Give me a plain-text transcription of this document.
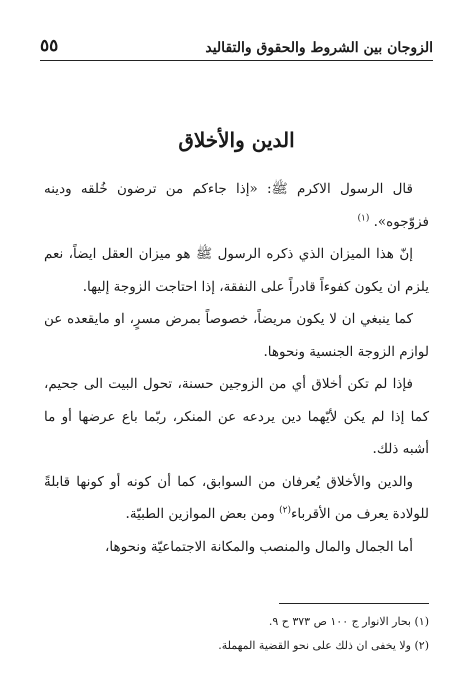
الزوجان بين الشروط والحقوق والتقاليد
٥٥
الدين والأخلاق

قال الرسول الاكرم ﷺ: «إذا جاءكم من ترضون خُلقه ودينه فزوّجوه». $^{(١)}$

إنّ هذا الميزان الذي ذكره الرسول ﷺ هو ميزان العقل ايضاً، نعم يلزم ان يكون كفوءاً قادراً على النفقة، إذا احتاجت الزوجة إليها.

كما ينبغي ان لا يكون مريضاً، خصوصاً بمرض مسرٍ، او مايقعده عن لوازم الزوجة الجنسية ونحوها.

فإذا لم تكن أخلاق أي من الزوجين حسنة، تحول البيت الى جحيم، كما إذا لم يكن لأيّهما دين يردعه عن المنكر، ربّما باع عرضها أو ما أشبه ذلك.

والدين والأخلاق يُعرفان من السوابق، كما أن كونه أو كونها قابلةً للولادة يعرف من الأقرباء$^{(٢)}$ ومن بعض الموازين الطبيّة.

أما الجمال والمال والمنصب والمكانة الاجتماعيّة ونحوها،

(١) بحار الانوار ج ١٠٠ ص ٣٧٣ ح ٩.
(٢) ولا يخفى ان ذلك على نحو القضية المهملة.
